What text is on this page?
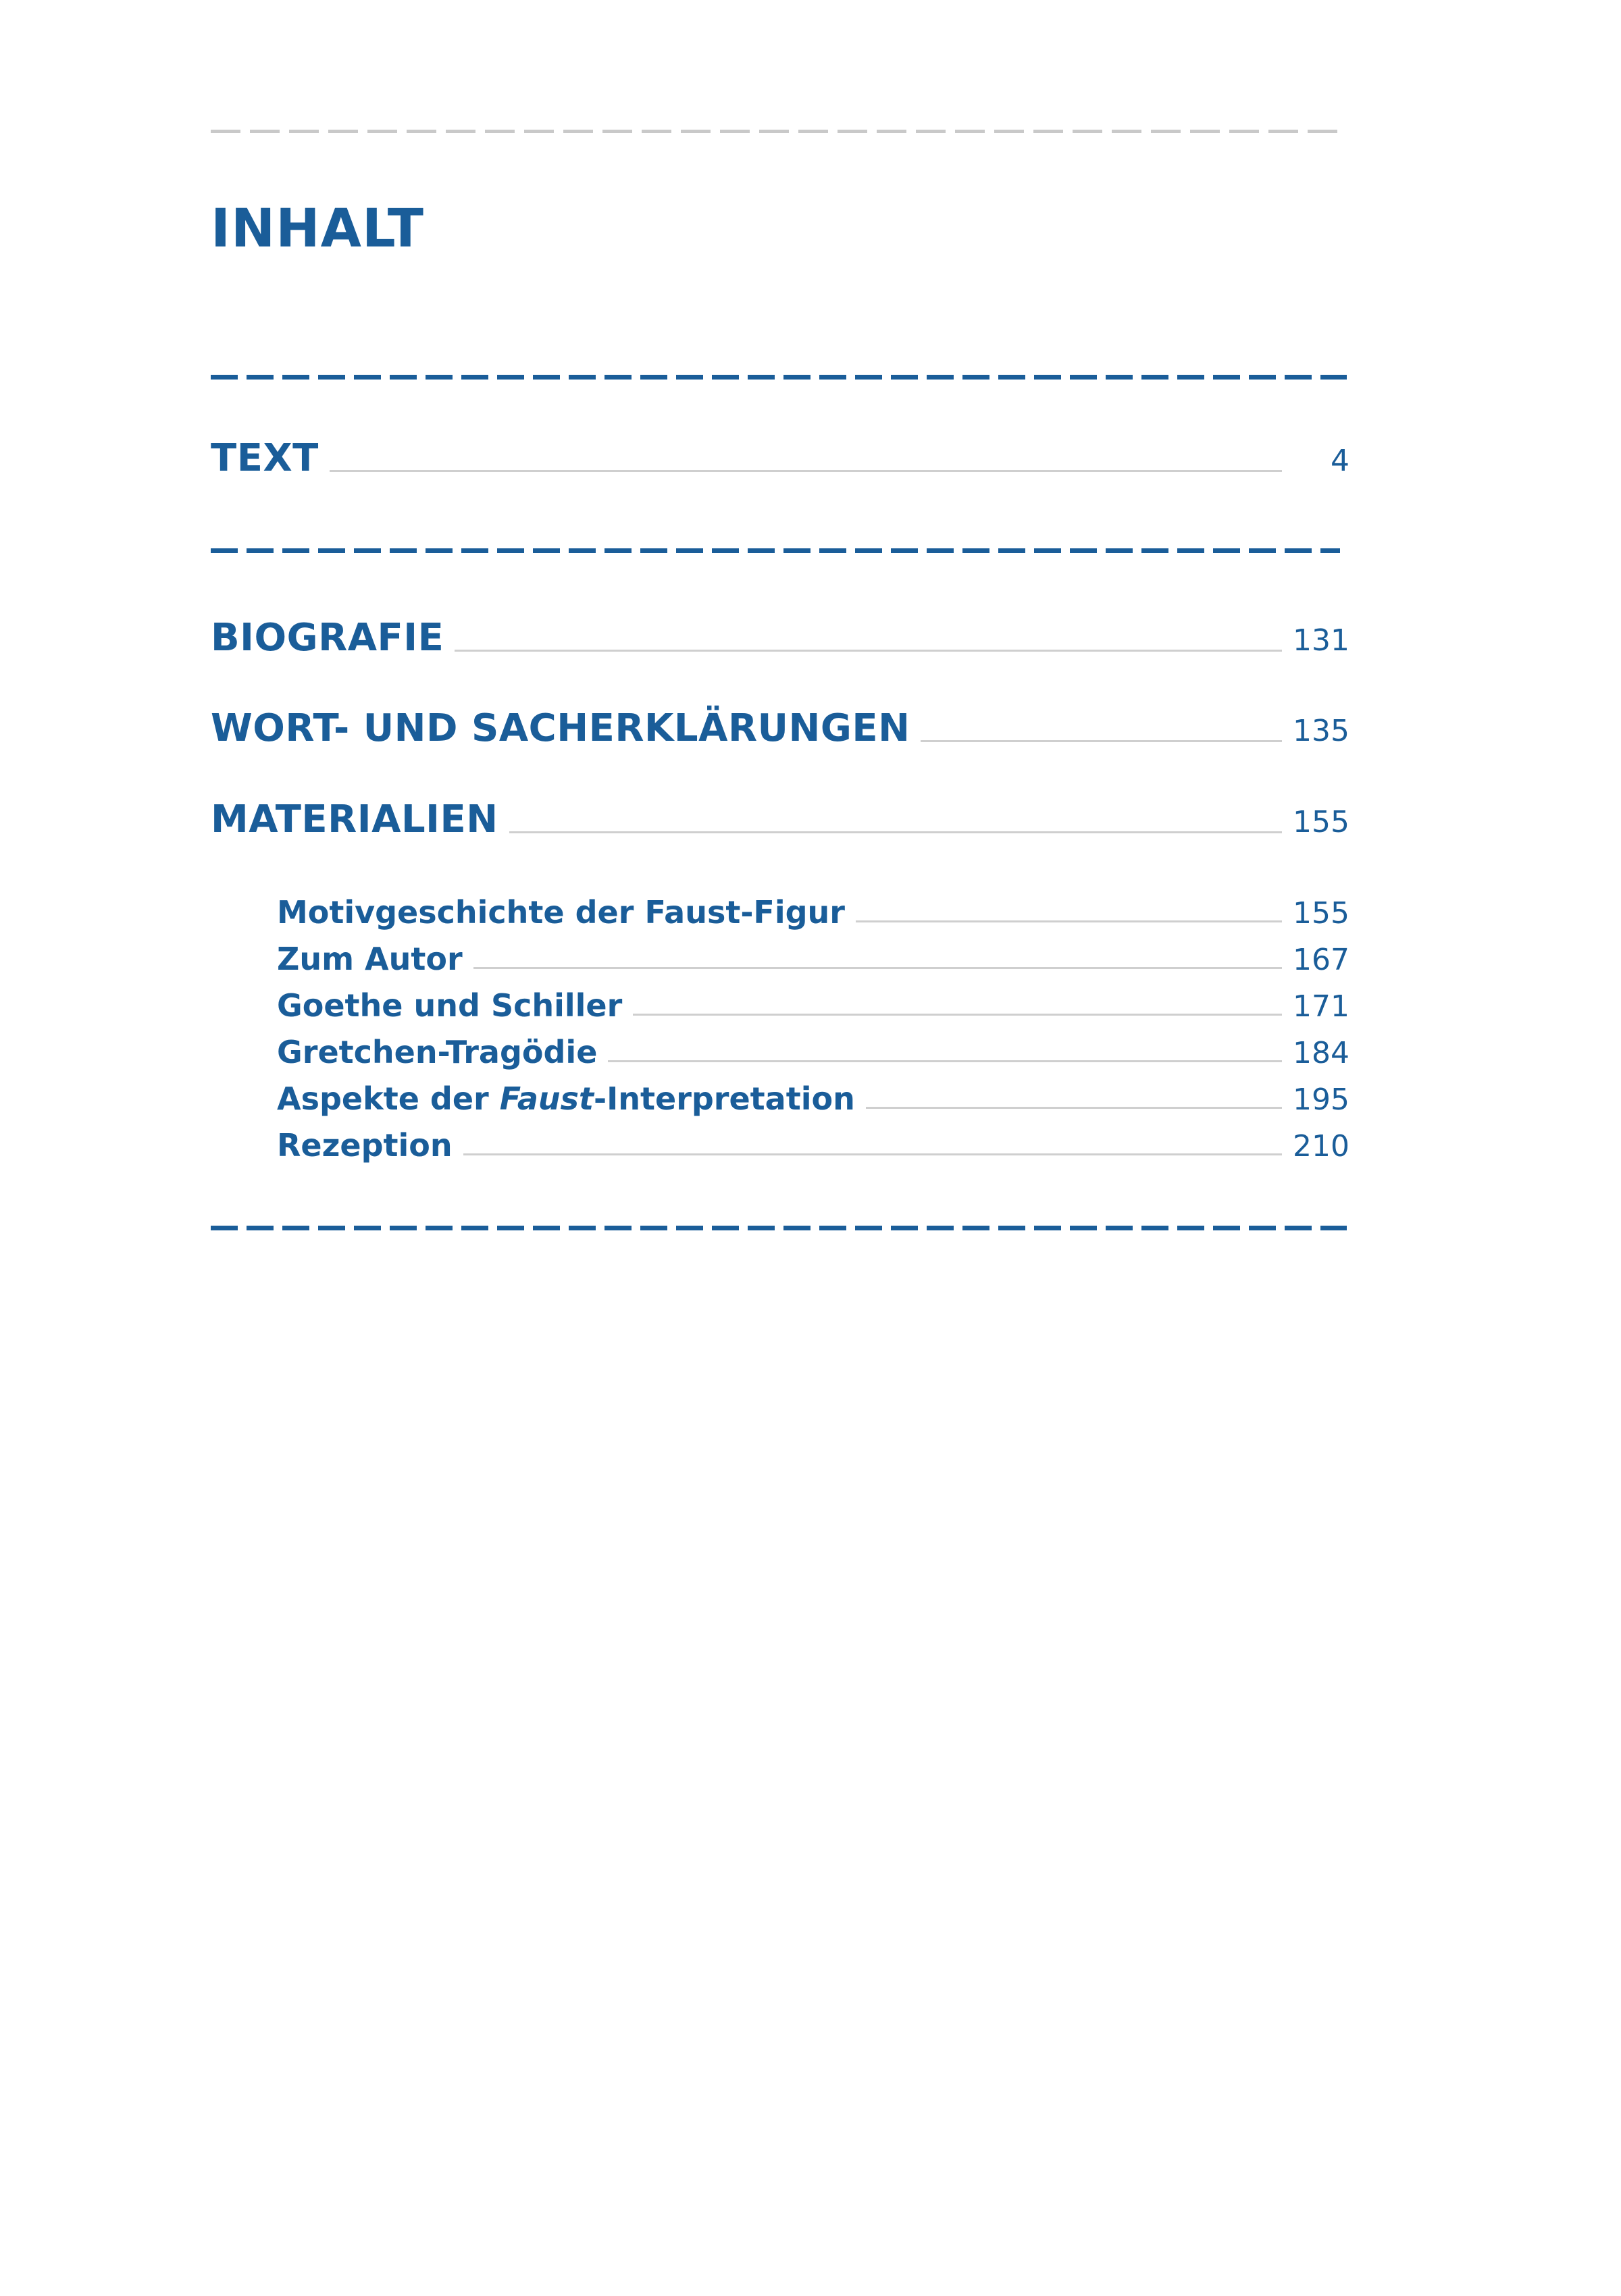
INHALT
TEXT	4
BIOGRAFIE	131
WORT- UND SACHERKLÄRUNGEN	135
MATERIALIEN	155
Motivgeschichte der Faust-Figur	155
Zum Autor	167
Goethe und Schiller	171
Gretchen-Tragödie	184
Aspekte der Faust-Interpretation	195
Rezeption	210
